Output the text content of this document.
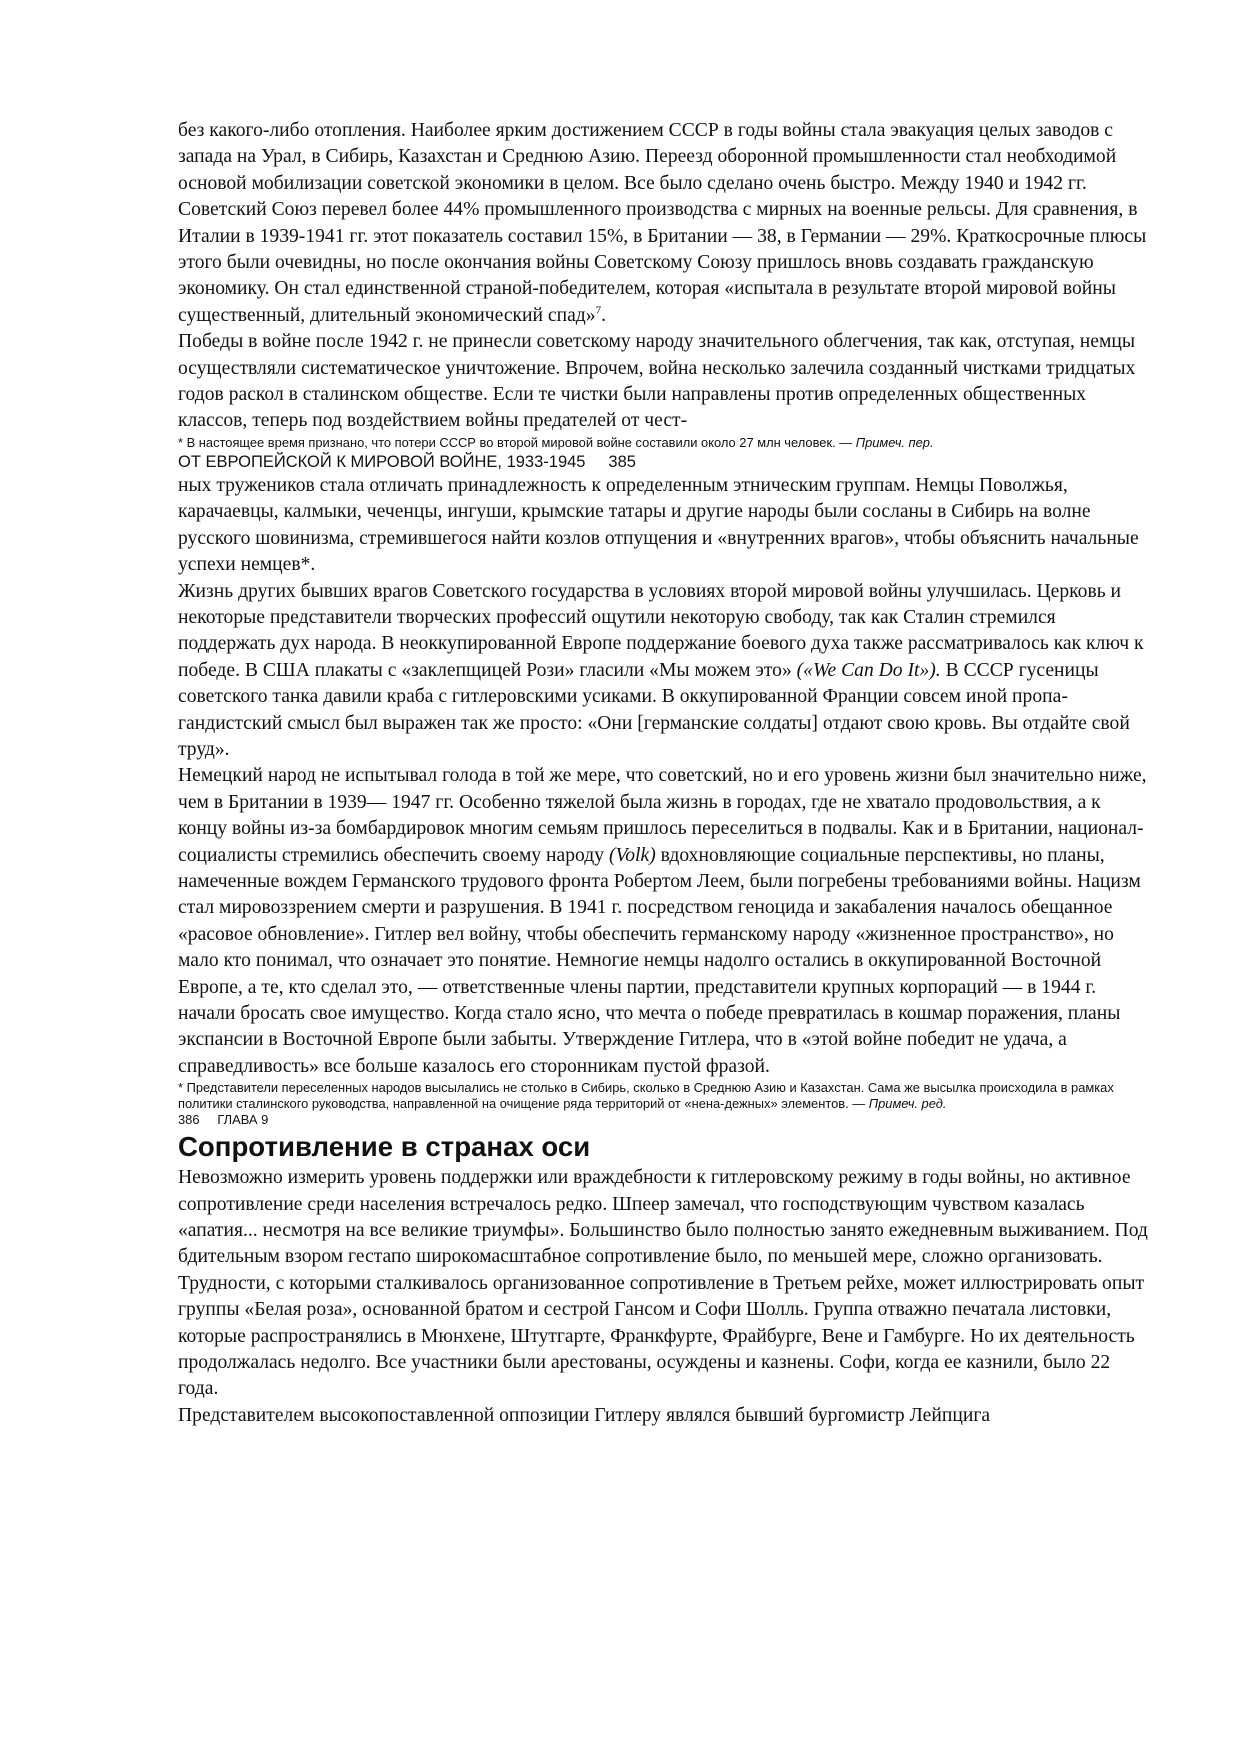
без какого-либо отопления. Наиболее ярким достижением СССР в годы войны стала эвакуация целых заводов с запада на Урал, в Сибирь, Казахстан и Среднюю Азию. Переезд оборонной промышленности стал необходимой основой мобилизации советской экономики в целом. Все было сделано очень быстро. Между 1940 и 1942 гг. Советский Союз перевел более 44% промышленного производства с мирных на военные рельсы. Для сравнения, в Италии в 1939-1941 гг. этот показатель составил 15%, в Британии — 38, в Германии — 29%. Краткосрочные плюсы этого были очевидны, но после окончания войны Советскому Союзу пришлось вновь создавать гражданскую экономику. Он стал единственной страной-победителем, которая «испытала в результате второй мировой войны существенный, длительный экономический спад»$^7$.

Победы в войне после 1942 г. не принесли советскому народу значительного облегчения, так как, отступая, немцы осуществляли систематическое уничтожение. Впрочем, война несколько залечила созданный чистками тридцатых годов раскол в сталинском обществе. Если те чистки были направлены против определенных общественных классов, теперь под воздействием войны предателей от чест-

* В настоящее время признано, что потери СССР во второй мировой войне составили около 27 млн человек. — Примеч. пер.

ОТ ЕВРОПЕЙСКОЙ К МИРОВОЙ ВОЙНЕ, 1933-1945     385

ных тружеников стала отличать принадлежность к определенным этническим группам. Немцы Поволжья, карачаевцы, калмыки, чеченцы, ингуши, крымские татары и другие народы были сосланы в Сибирь на волне русского шовинизма, стремившегося найти козлов отпущения и «внутренних врагов», чтобы объяснить начальные успехи немцев*.

Жизнь других бывших врагов Советского государства в условиях второй мировой войны улучшилась. Церковь и некоторые представители творческих профессий ощутили некоторую свободу, так как Сталин стремился поддержать дух народа. В неоккупированной Европе поддержание боевого духа также рассматривалось как ключ к победе. В США плакаты с «заклепщицей Рози» гласили «Мы можем это» («We Can Do It»). В СССР гусеницы советского танка давили краба с гитлеровскими усиками. В оккупированной Франции совсем иной пропа-гандистский смысл был выражен так же просто: «Они [германские солдаты] отдают свою кровь. Вы отдайте свой труд».

Немецкий народ не испытывал голода в той же мере, что советский, но и его уровень жизни был значительно ниже, чем в Британии в 1939— 1947 гг. Особенно тяжелой была жизнь в городах, где не хватало продовольствия, а к концу войны из-за бомбардировок многим семьям пришлось переселиться в подвалы. Как и в Британии, национал-социалисты стремились обеспечить своему народу (Volk) вдохновляющие социальные перспективы, но планы, намеченные вождем Германского трудового фронта Робертом Леем, были погребены требованиями войны. Нацизм стал мировоззрением смерти и разрушения. В 1941 г. посредством геноцида и закабаления началось обещанное «расовое обновление». Гитлер вел войну, чтобы обеспечить германскому народу «жизненное пространство», но мало кто понимал, что означает это понятие. Немногие немцы надолго остались в оккупированной Восточной Европе, а те, кто сделал это, — ответственные члены партии, представители крупных корпораций — в 1944 г. начали бросать свое имущество. Когда стало ясно, что мечта о победе превратилась в кошмар поражения, планы экспансии в Восточной Европе были забыты. Утверждение Гитлера, что в «этой войне победит не удача, а справедливость» все больше казалось его сторонникам пустой фразой.

* Представители переселенных народов высылались не столько в Сибирь, сколько в Среднюю Азию и Казахстан. Сама же высылка происходила в рамках политики сталинского руководства, направленной на очищение ряда территорий от «нена-дежных» элементов. — Примеч. ред.

386     ГЛАВА 9

Сопротивление в странах оси

Невозможно измерить уровень поддержки или враждебности к гитлеровскому режиму в годы войны, но активное сопротивление среди населения встречалось редко. Шпеер замечал, что господствующим чувством казалась «апатия... несмотря на все великие триумфы». Большинство было полностью занято ежедневным выживанием. Под бдительным взором гестапо широкомасштабное сопротивление было, по меньшей мере, сложно организовать. Трудности, с которыми сталкивалось организованное сопротивление в Третьем рейхе, может иллюстрировать опыт группы «Белая роза», основанной братом и сестрой Гансом и Софи Шолль. Группа отважно печатала листовки, которые распространялись в Мюнхене, Штутгарте, Франкфурте, Фрайбурге, Вене и Гамбурге. Но их деятельность продолжалась недолго. Все участники были арестованы, осуждены и казнены. Софи, когда ее казнили, было 22 года.

Представителем высокопоставленной оппозиции Гитлеру являлся бывший бургомистр Лейпцига
